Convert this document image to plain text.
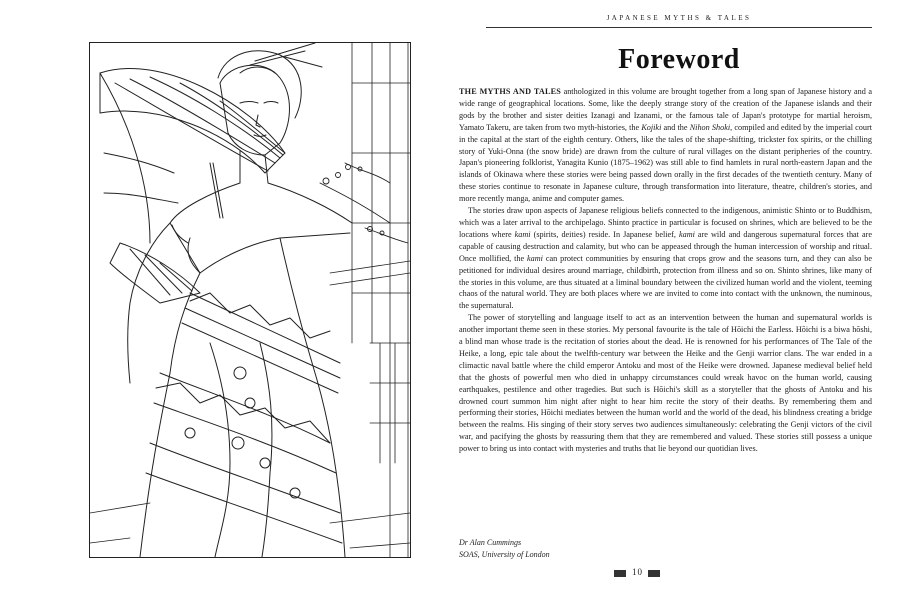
JAPANESE MYTHS & TALES
Foreword

THE MYTHS AND TALES anthologized in this volume are brought together from a long span of Japanese history and a wide range of geographical locations. Some, like the deeply strange story of the creation of the Japanese islands and their gods by the brother and sister deities Izanagi and Izanami, or the famous tale of Japan's prototype for martial heroism, Yamato Takeru, are taken from two myth-histories, the Kojiki and the Nihon Shoki, compiled and edited by the imperial court in the capital at the start of the eighth century. Others, like the tales of the shape-shifting, trickster fox spirits, or the chilling story of Yuki-Onna (the snow bride) are drawn from the culture of rural villages on the distant peripheries of the country. Japan's pioneering folklorist, Yanagita Kunio (1875–1962) was still able to find hamlets in rural north-eastern Japan and the islands of Okinawa where these stories were being passed down orally in the first decades of the twentieth century. Many of these stories continue to resonate in Japanese culture, through transformation into literature, theatre, children's stories, and more recently manga, anime and computer games.

The stories draw upon aspects of Japanese religious beliefs connected to the indigenous, animistic Shinto or to Buddhism, which was a later arrival to the archipelago. Shinto practice in particular is focused on shrines, which are believed to be the locations where kami (spirits, deities) reside. In Japanese belief, kami are wild and dangerous supernatural forces that are capable of causing destruction and calamity, but who can be appeased through the human intercession of worship and ritual. Once mollified, the kami can protect communities by ensuring that crops grow and the seasons turn, and they can also be petitioned for individual desires around marriage, childbirth, protection from illness and so on. Shinto shrines, like many of the stories in this volume, are thus situated at a liminal boundary between the civilized human world and the violent, teeming chaos of the natural world. They are both places where we are invited to come into contact with the unknown, the numinous, the supernatural.

The power of storytelling and language itself to act as an intervention between the human and supernatural worlds is another important theme seen in these stories. My personal favourite is the tale of Hōichi the Earless. Hōichi is a biwa hōshi, a blind man whose trade is the recitation of stories about the dead. He is renowned for his performances of The Tale of the Heike, a long, epic tale about the twelfth-century war between the Heike and the Genji warrior clans. The war ended in a climactic naval battle where the child emperor Antoku and most of the Heike were drowned. Japanese medieval belief held that the ghosts of powerful men who died in unhappy circumstances could wreak havoc on the human world, causing earthquakes, pestilence and other tragedies. But such is Hōichi's skill as a storyteller that the ghosts of Antoku and his drowned court summon him night after night to hear him recite the story of their deaths. By remembering them and performing their stories, Hōichi mediates between the human world and the world of the dead, his blindness creating a bridge between the realms. His singing of their story serves two audiences simultaneously: celebrating the Genji victors of the civil war, and pacifying the ghosts by reassuring them that they are remembered and valued. These stories still possess a unique power to bring us into contact with mysteries and truths that lie beyond our quotidian lives.

Dr Alan Cummings
SOAS, University of London
10
